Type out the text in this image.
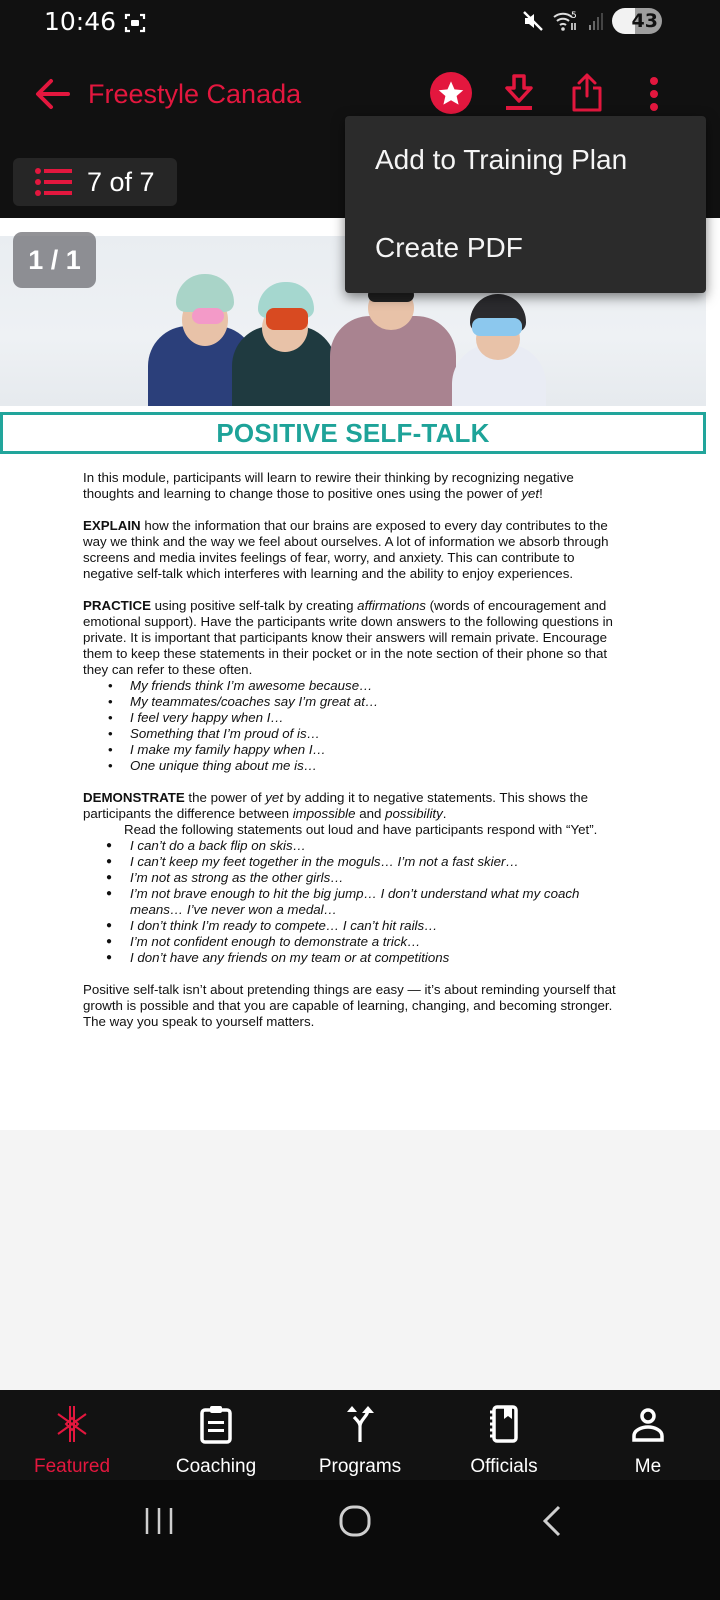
10:46	5	43
Freestyle Canada
7 of 7
POSITIVE SELF-TALK

In this module, participants will learn to rewire their thinking by recognizing negative thoughts and learning to change those to positive ones using the power of yet!

EXPLAIN how the information that our brains are exposed to every day contributes to the way we think and the way we feel about ourselves. A lot of information we absorb through screens and media invites feelings of fear, worry, and anxiety. This can contribute to negative self-talk which interferes with learning and the ability to enjoy experiences.

PRACTICE using positive self-talk by creating affirmations (words of encouragement and emotional support). Have the participants write down answers to the following questions in private. It is important that participants know their answers will remain private. Encourage them to keep these statements in their pocket or in the note section of their phone so that they can refer to these often.
• My friends think I’m awesome because…
• My teammates/coaches say I’m great at…
• I feel very happy when I…
• Something that I’m proud of is…
• I make my family happy when I…
• One unique thing about me is…
DEMONSTRATE the power of yet by adding it to negative statements. This shows the participants the difference between impossible and possibility.
Read the following statements out loud and have participants respond with “Yet”.
● I can’t do a back flip on skis…
● I can’t keep my feet together in the moguls… I’m not a fast skier…
● I’m not as strong as the other girls…
● I’m not brave enough to hit the big jump… I don’t understand what my coach means… I’ve never won a medal…
● I don’t think I’m ready to compete… I can’t hit rails…
● I’m not confident enough to demonstrate a trick…
● I don’t have any friends on my team or at competitions

Positive self-talk isn’t about pretending things are easy — it’s about reminding yourself that growth is possible and that you are capable of learning, changing, and becoming stronger. The way you speak to yourself matters.

1 / 1
Add to Training Plan
Create PDF
Featured	Coaching	Programs	Officials	Me
